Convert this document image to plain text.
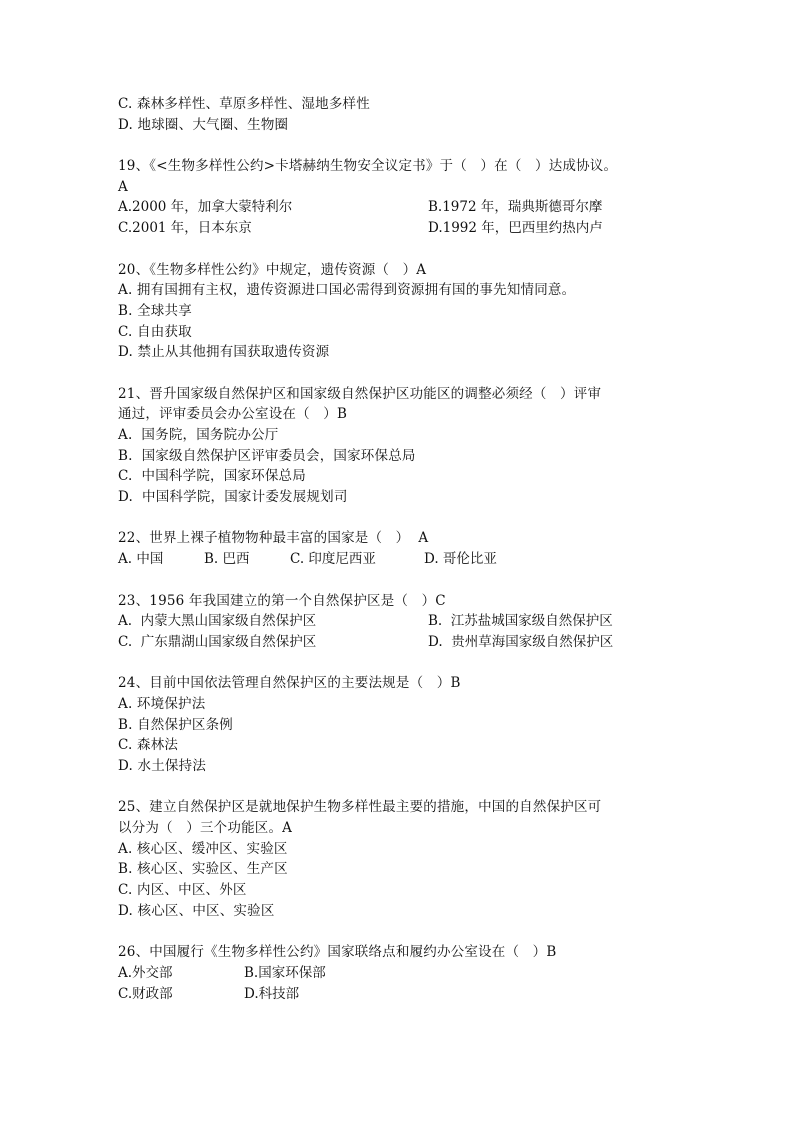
C. 森林多样性、草原多样性、湿地多样性
D. 地球圈、大气圈、生物圈
19、《<生物多样性公约>卡塔赫纳生物安全议定书》于（   ）在（   ）达成协议。
A
A.2000 年，加拿大蒙特利尔	B.1972 年，瑞典斯德哥尔摩
C.2001 年，日本东京	D.1992 年，巴西里约热内卢
20、《生物多样性公约》中规定，遗传资源（   ）A
A. 拥有国拥有主权，遗传资源进口国必需得到资源拥有国的事先知情同意。
B. 全球共享
C. 自由获取
D. 禁止从其他拥有国获取遗传资源
21、晋升国家级自然保护区和国家级自然保护区功能区的调整必须经（   ）评审
通过，评审委员会办公室设在（   ）B
A.  国务院，国务院办公厅
B.  国家级自然保护区评审委员会，国家环保总局
C.  中国科学院，国家环保总局
D.  中国科学院，国家计委发展规划司
22、世界上裸子植物物种最丰富的国家是（   ）  A
A. 中国	B. 巴西	C. 印度尼西亚	D. 哥伦比亚
23、1956 年我国建立的第一个自然保护区是（   ）C
A.  内蒙大黑山国家级自然保护区	B.  江苏盐城国家级自然保护区
C.  广东鼎湖山国家级自然保护区	D.  贵州草海国家级自然保护区
24、目前中国依法管理自然保护区的主要法规是（   ）B
A. 环境保护法
B. 自然保护区条例
C. 森林法
D. 水土保持法
25、建立自然保护区是就地保护生物多样性最主要的措施，中国的自然保护区可
以分为（   ）三个功能区。A
A. 核心区、缓冲区、实验区
B. 核心区、实验区、生产区
C. 内区、中区、外区
D. 核心区、中区、实验区
26、中国履行《生物多样性公约》国家联络点和履约办公室设在（   ）B
A.外交部	B.国家环保部
C.财政部	D.科技部
